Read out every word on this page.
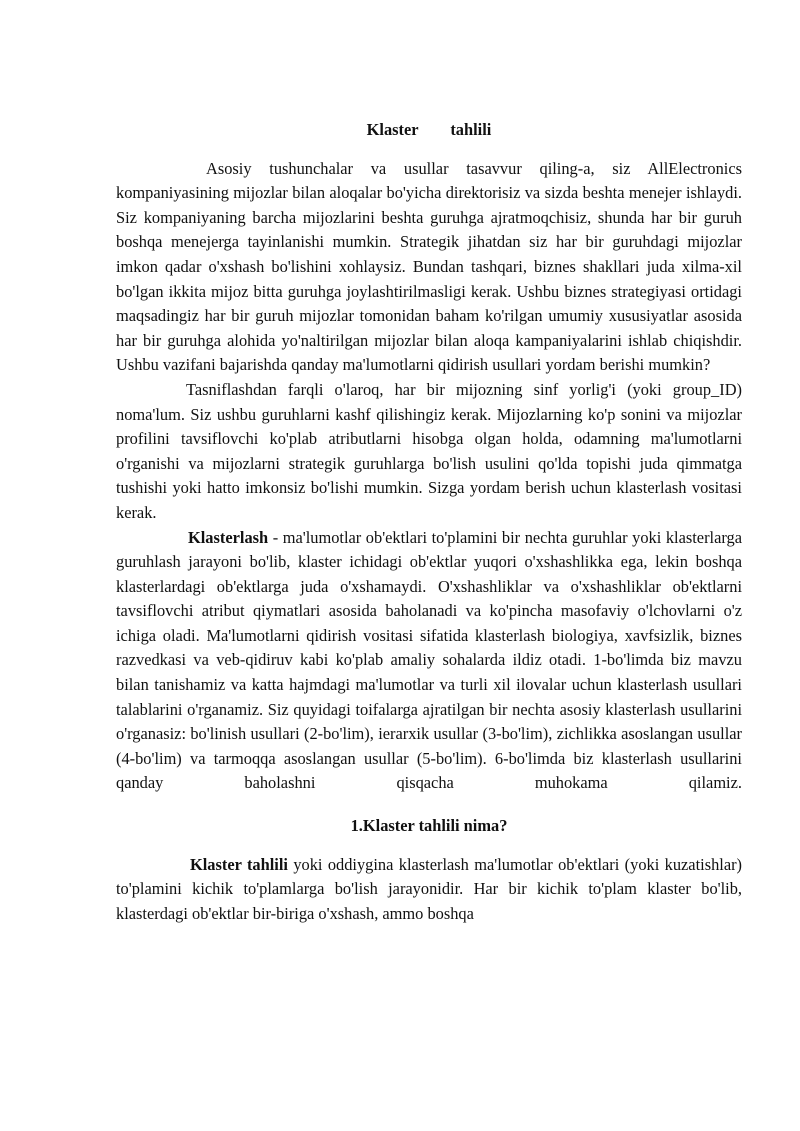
Klaster tahlili

Asosiy tushunchalar va usullar tasavvur qiling-a, siz AllElectronics kompaniyasining mijozlar bilan aloqalar bo'yicha direktorisiz va sizda beshta menejer ishlaydi. Siz kompaniyaning barcha mijozlarini beshta guruhga ajratmoqchisiz, shunda har bir guruh boshqa menejerga tayinlanishi mumkin. Strategik jihatdan siz har bir guruhdagi mijozlar imkon qadar o'xshash bo'lishini xohlaysiz. Bundan tashqari, biznes shakllari juda xilma-xil bo'lgan ikkita mijoz bitta guruhga joylashtirilmasligi kerak. Ushbu biznes strategiyasi ortidagi maqsadingiz har bir guruh mijozlar tomonidan baham ko'rilgan umumiy xususiyatlar asosida har bir guruhga alohida yo'naltirilgan mijozlar bilan aloqa kampaniyalarini ishlab chiqishdir. Ushbu vazifani bajarishda qanday ma'lumotlarni qidirish usullari yordam berishi mumkin?

Tasniflashdan farqli o'laroq, har bir mijozning sinf yorlig'i (yoki group_ID) noma'lum. Siz ushbu guruhlarni kashf qilishingiz kerak. Mijozlarning ko'p sonini va mijozlar profilini tavsiflovchi ko'plab atributlarni hisobga olgan holda, odamning ma'lumotlarni o'rganishi va mijozlarni strategik guruhlarga bo'lish usulini qo'lda topishi juda qimmatga tushishi yoki hatto imkonsiz bo'lishi mumkin. Sizga yordam berish uchun klasterlash vositasi kerak.

Klasterlash - ma'lumotlar ob'ektlari to'plamini bir nechta guruhlar yoki klasterlarga guruhlash jarayoni bo'lib, klaster ichidagi ob'ektlar yuqori o'xshashlikka ega, lekin boshqa klasterlardagi ob'ektlarga juda o'xshamaydi. O'xshashliklar va o'xshashliklar ob'ektlarni tavsiflovchi atribut qiymatlari asosida baholanadi va ko'pincha masofaviy o'lchovlarni o'z ichiga oladi. Ma'lumotlarni qidirish vositasi sifatida klasterlash biologiya, xavfsizlik, biznes razvedkasi va veb-qidiruv kabi ko'plab amaliy sohalarda ildiz otadi. 1-bo'limda biz mavzu bilan tanishamiz va katta hajmdagi ma'lumotlar va turli xil ilovalar uchun klasterlash usullari talablarini o'rganamiz. Siz quyidagi toifalarga ajratilgan bir nechta asosiy klasterlash usullarini o'rganasiz: bo'linish usullari (2-bo'lim), ierarxik usullar (3-bo'lim), zichlikka asoslangan usullar (4-bo'lim) va tarmoqqa asoslangan usullar (5-bo'lim). 6-bo'limda biz klasterlash usullarini qanday baholashni qisqacha muhokama qilamiz.

1.Klaster tahlili nima?

Klaster tahlili yoki oddiygina klasterlash ma'lumotlar ob'ektlari (yoki kuzatishlar) to'plamini kichik to'plamlarga bo'lish jarayonidir. Har bir kichik to'plam klaster bo'lib, klasterdagi ob'ektlar bir-biriga o'xshash, ammo boshqa
